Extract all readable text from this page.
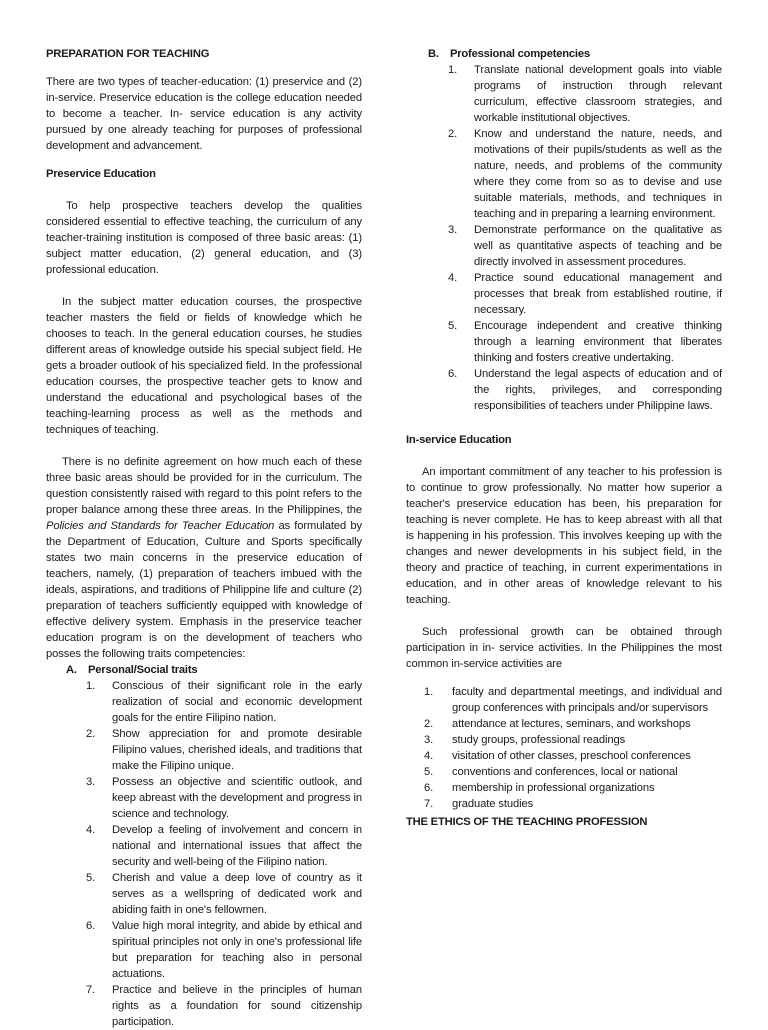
PREPARATION FOR TEACHING

There are two types of teacher-education: (1) preservice and (2) in-service. Preservice education is the college education needed to become a teacher. In- service education is any activity pursued by one already teaching for purposes of professional development and advancement.

Preservice Education

To help prospective teachers develop the qualities considered essential to effective teaching, the curriculum of any teacher-training institution is composed of three basic areas: (1) subject matter education, (2) general education, and (3) professional education.

In the subject matter education courses, the prospective teacher masters the field or fields of knowledge which he chooses to teach. In the general education courses, he studies different areas of knowledge outside his special subject field. He gets a broader outlook of his specialized field. In the professional education courses, the prospective teacher gets to know and understand the educational and psychological bases of the teaching-learning process as well as the methods and techniques of teaching.

There is no definite agreement on how much each of these three basic areas should be provided for in the curriculum. The question consistently raised with regard to this point refers to the proper balance among these three areas. In the Philippines, the Policies and Standards for Teacher Education as formulated by the Department of Education, Culture and Sports specifically states two main concerns in the preservice education of teachers, namely, (1) preparation of teachers imbued with the ideals, aspirations, and traditions of Philippine life and culture (2) preparation of teachers sufficiently equipped with knowledge of effective delivery system. Emphasis in the preservice teacher education program is on the development of teachers who posses the following traits competencies:

A. Personal/Social traits
1. Conscious of their significant role in the early realization of social and economic development goals for the entire Filipino nation.
2. Show appreciation for and promote desirable Filipino values, cherished ideals, and traditions that make the Filipino unique.
3. Possess an objective and scientific outlook, and keep abreast with the development and progress in science and technology.
4. Develop a feeling of involvement and concern in national and international issues that affect the security and well-being of the Filipino nation.
5. Cherish and value a deep love of country as it serves as a wellspring of dedicated work and abiding faith in one's fellowmen.
6. Value high moral integrity, and abide by ethical and spiritual principles not only in one's professional life but preparation for teaching also in personal actuations.
7. Practice and believe in the principles of human rights as a foundation for sound citizenship participation.
B. Professional competencies
1. Translate national development goals into viable programs of instruction through relevant curriculum, effective classroom strategies, and workable institutional objectives.
2. Know and understand the nature, needs, and motivations of their pupils/students as well as the nature, needs, and problems of the community where they come from so as to devise and use suitable materials, methods, and techniques in teaching and in preparing a learning environment.
3. Demonstrate performance on the qualitative as well as quantitative aspects of teaching and be directly involved in assessment procedures.
4. Practice sound educational management and processes that break from established routine, if necessary.
5. Encourage independent and creative thinking through a learning environment that liberates thinking and fosters creative undertaking.
6. Understand the legal aspects of education and of the rights, privileges, and corresponding responsibilities of teachers under Philippine laws.
In-service Education

An important commitment of any teacher to his profession is to continue to grow professionally. No matter how superior a teacher's preservice education has been, his preparation for teaching is never complete. He has to keep abreast with all that is happening in his profession. This involves keeping up with the changes and newer developments in his subject field, in the theory and practice of teaching, in current experimentations in education, and in other areas of knowledge relevant to his teaching.

Such professional growth can be obtained through participation in in- service activities. In the Philippines the most common in-service activities are

1. faculty and departmental meetings, and individual and group conferences with principals and/or supervisors
2. attendance at lectures, seminars, and workshops
3. study groups, professional readings
4. visitation of other classes, preschool conferences
5. conventions and conferences, local or national
6. membership in professional organizations
7. graduate studies
THE ETHICS OF THE TEACHING PROFESSION
